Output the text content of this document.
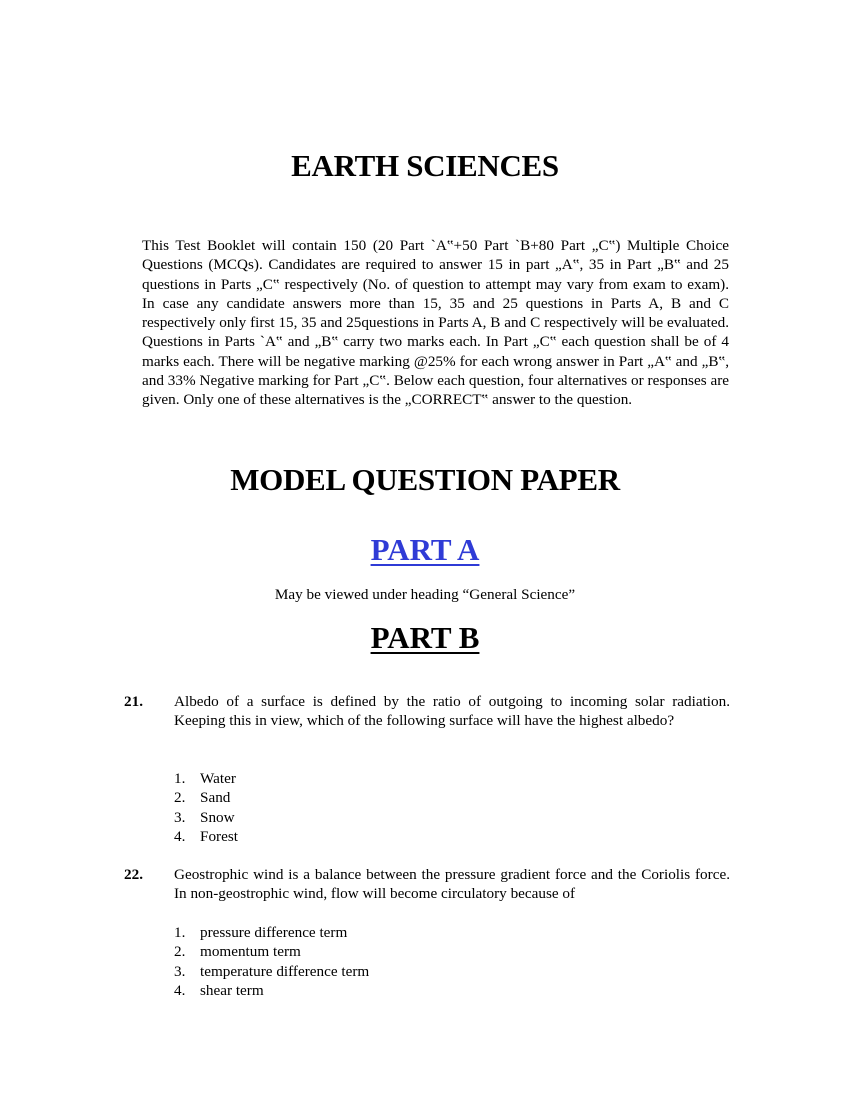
EARTH SCIENCES

This Test Booklet will contain 150 (20 Part `A‟+50 Part `B+80 Part „C‟) Multiple Choice Questions (MCQs). Candidates are required to answer 15 in part „A‟, 35 in Part „B‟ and 25 questions in Parts „C‟ respectively (No. of question to attempt may vary from exam to exam). In case any candidate answers more than 15, 35 and 25 questions in Parts A, B and C respectively only first 15, 35 and 25questions in Parts A, B and C respectively will be evaluated. Questions in Parts `A‟ and „B‟ carry two marks each. In Part „C‟ each question shall be of 4 marks each. There will be negative marking @25% for each wrong answer in Part „A‟ and „B‟, and 33% Negative marking for Part „C‟. Below each question, four alternatives or responses are given. Only one of these alternatives is the „CORRECT‟ answer to the question.

MODEL QUESTION PAPER
PART A

May be viewed under heading “General Science”

PART B
21. Albedo of a surface is defined by the ratio of outgoing to incoming solar radiation. Keeping this in view, which of the following surface will have the highest albedo?

1. Water
2. Sand
3. Snow
4. Forest
22. Geostrophic wind is a balance between the pressure gradient force and the Coriolis force. In non-geostrophic wind, flow will become circulatory because of

1. pressure difference term
2. momentum term
3. temperature difference term
4. shear term
